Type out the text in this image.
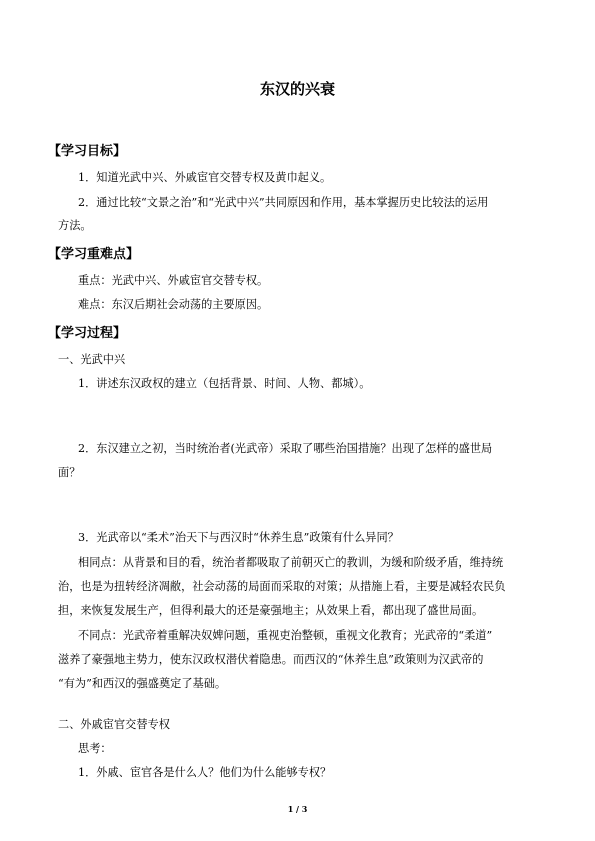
东汉的兴衰
【学习目标】
1．知道光武中兴、外戚宦官交替专权及黄巾起义。
2．通过比较“文景之治”和“光武中兴”共同原因和作用，基本掌握历史比较法的运用
方法。
【学习重难点】
重点：光武中兴、外戚宦官交替专权。
难点：东汉后期社会动荡的主要原因。
【学习过程】
一、光武中兴
1．讲述东汉政权的建立（包括背景、时间、人物、都城）。
2．东汉建立之初，当时统治者(光武帝）采取了哪些治国措施？出现了怎样的盛世局
面？
3．光武帝以“柔术”治天下与西汉时“休养生息”政策有什么异同？
相同点：从背景和目的看，统治者都吸取了前朝灭亡的教训，为缓和阶级矛盾，维持统
治，也是为扭转经济凋敝，社会动荡的局面而采取的对策；从措施上看，主要是减轻农民负
担，来恢复发展生产，但得利最大的还是豪强地主；从效果上看，都出现了盛世局面。
不同点：光武帝着重解决奴婢问题，重视吏治整顿，重视文化教育；光武帝的“柔道”
滋养了豪强地主势力，使东汉政权潜伏着隐患。而西汉的“休养生息”政策则为汉武帝的
“有为”和西汉的强盛奠定了基础。
二、外戚宦官交替专权
思考：
1．外戚、宦官各是什么人？他们为什么能够专权？
1 / 3
